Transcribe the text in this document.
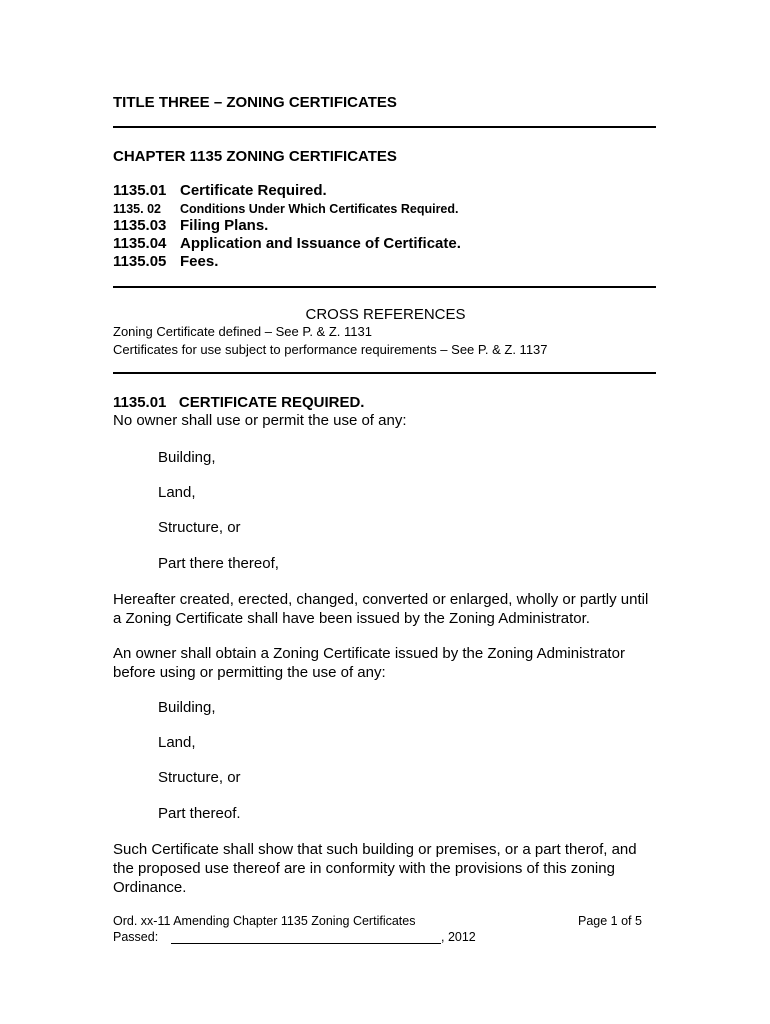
TITLE THREE – ZONING CERTIFICATES
CHAPTER 1135 ZONING CERTIFICATES
1135.01 Certificate Required.
1135. 02 Conditions Under Which Certificates Required.
1135.03 Filing Plans.
1135.04 Application and Issuance of Certificate.
1135.05 Fees.
CROSS REFERENCES
Zoning Certificate defined – See P. & Z. 1131
Certificates for use subject to performance requirements – See P. & Z. 1137
1135.01   CERTIFICATE REQUIRED.
No owner shall use or permit the use of any:
Building,
Land,
Structure, or
Part there thereof,
Hereafter created, erected, changed, converted or enlarged, wholly or partly until a Zoning Certificate shall have been issued by the Zoning Administrator.
An owner shall obtain a Zoning Certificate issued by the Zoning Administrator before using or permitting the use of any:
Building,
Land,
Structure, or
Part thereof.
Such Certificate shall show that such building or premises, or a part therof, and the proposed use thereof are in conformity with the provisions of this zoning Ordinance.
Ord. xx-11 Amending Chapter 1135 Zoning Certificates	Page 1 of 5
Passed:	, 2012
